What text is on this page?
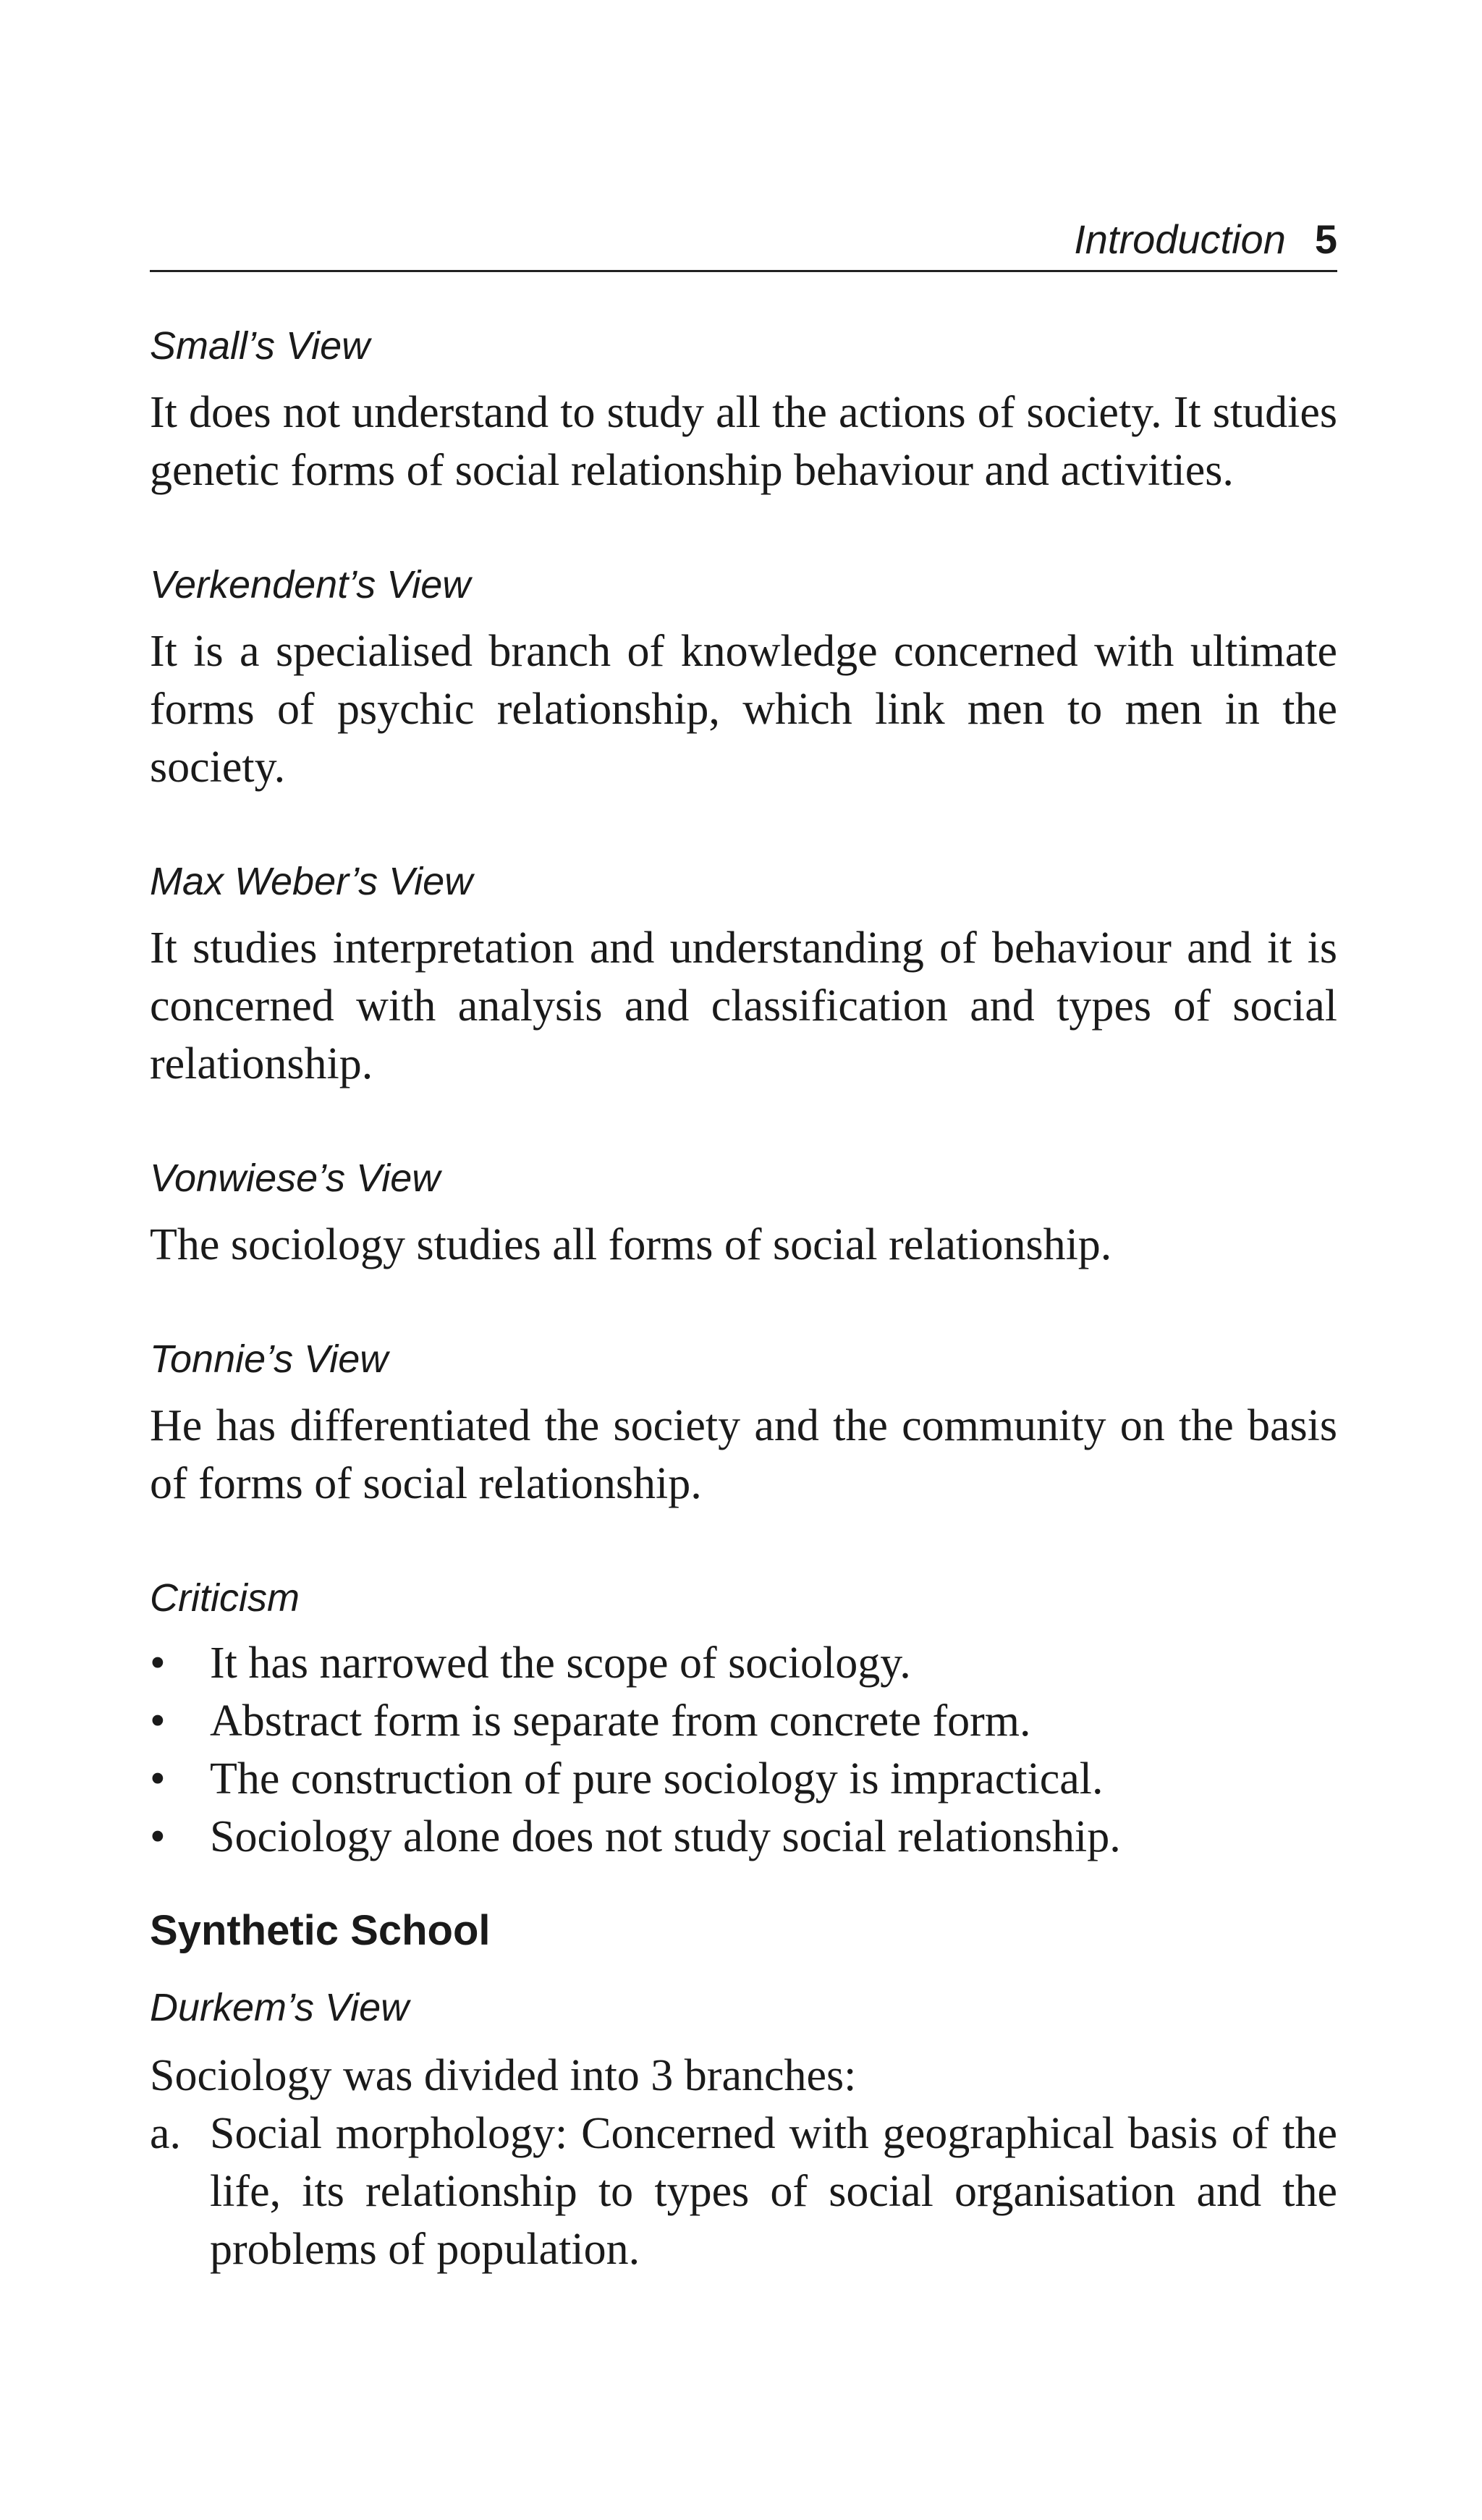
Introduction 5

Small’s View

It does not understand to study all the actions of society. It studies genetic forms of social relationship behaviour and activities.

Verkendent’s View

It is a specialised branch of knowledge concerned with ultimate forms of psychic relationship, which link men to men in the society.

Max Weber’s View

It studies interpretation and understanding of behaviour and it is concerned with analysis and classification and types of social relationship.

Vonwiese’s View

The sociology studies all forms of social relationship.

Tonnie’s View

He has differentiated the society and the community on the basis of forms of social relationship.

Criticism

• It has narrowed the scope of sociology.
• Abstract form is separate from concrete form.
• The construction of pure sociology is impractical.
• Sociology alone does not study social relationship.

Synthetic School

Durkem’s View

Sociology was divided into 3 branches:

a. Social morphology: Concerned with geographical basis of the life, its relationship to types of social organisation and the problems of population.
